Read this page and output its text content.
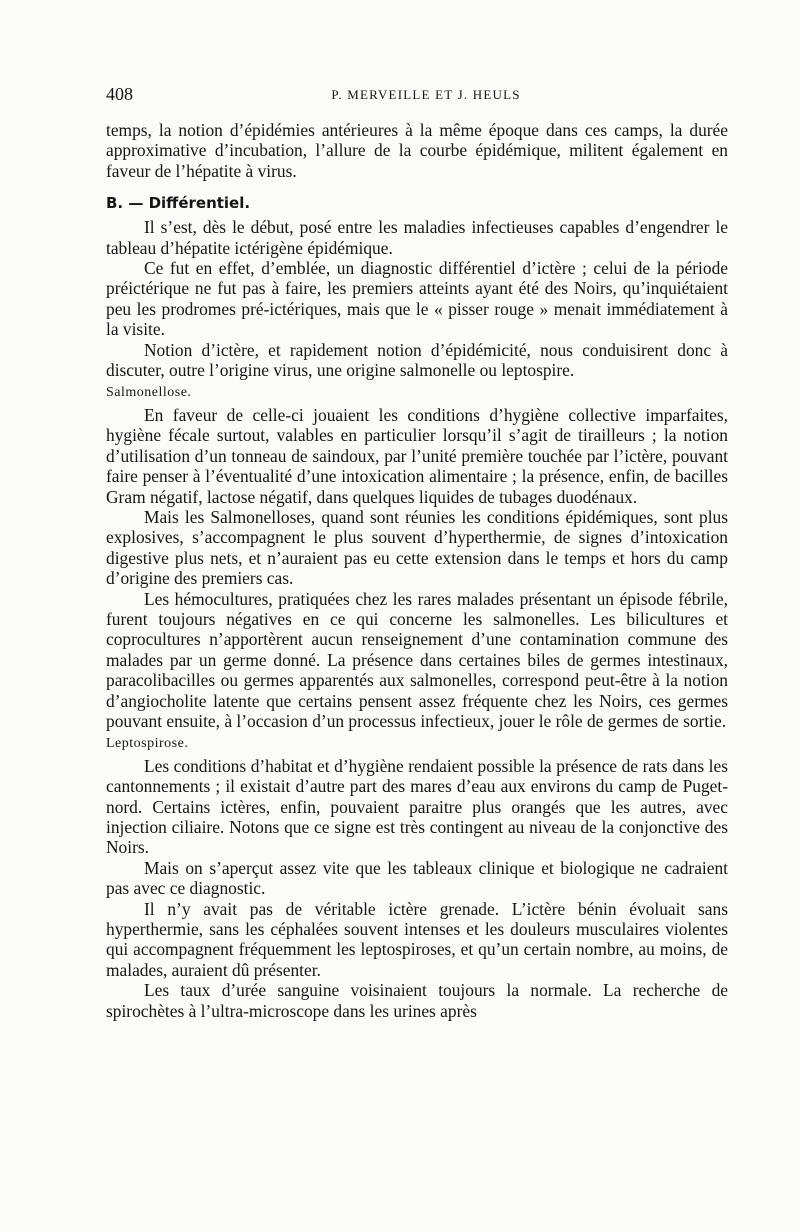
408	P. MERVEILLE ET J. HEULS

temps, la notion d’épidémies antérieures à la même époque dans ces camps, la durée approximative d’incubation, l’allure de la courbe épidémique, militent également en faveur de l’hépatite à virus.

B. — Différentiel.

Il s’est, dès le début, posé entre les maladies infectieuses capables d’engendrer le tableau d’hépatite ictérigène épidémique.

Ce fut en effet, d’emblée, un diagnostic différentiel d’ictère ; celui de la période préictérique ne fut pas à faire, les premiers atteints ayant été des Noirs, qu’inquiétaient peu les prodromes pré-ictériques, mais que le « pisser rouge » menait immédiatement à la visite.

Notion d’ictère, et rapidement notion d’épidémicité, nous conduisirent donc à discuter, outre l’origine virus, une origine salmonelle ou leptospire.

Salmonellose.

En faveur de celle-ci jouaient les conditions d’hygiène collective imparfaites, hygiène fécale surtout, valables en particulier lorsqu’il s’agit de tirailleurs ; la notion d’utilisation d’un tonneau de saindoux, par l’unité première touchée par l’ictère, pouvant faire penser à l’éventualité d’une intoxication alimentaire ; la présence, enfin, de bacilles Gram négatif, lactose négatif, dans quelques liquides de tubages duodénaux.

Mais les Salmonelloses, quand sont réunies les conditions épidémiques, sont plus explosives, s’accompagnent le plus souvent d’hyperthermie, de signes d’intoxication digestive plus nets, et n’auraient pas eu cette extension dans le temps et hors du camp d’origine des premiers cas.

Les hémocultures, pratiquées chez les rares malades présentant un épisode fébrile, furent toujours négatives en ce qui concerne les salmonelles. Les bilicultures et coprocultures n’apportèrent aucun renseignement d’une contamination commune des malades par un germe donné. La présence dans certaines biles de germes intestinaux, paracolibacilles ou germes apparentés aux salmonelles, correspond peut-être à la notion d’angiocholite latente que certains pensent assez fréquente chez les Noirs, ces germes pouvant ensuite, à l’occasion d’un processus infectieux, jouer le rôle de germes de sortie.

Leptospirose.

Les conditions d’habitat et d’hygiène rendaient possible la présence de rats dans les cantonnements ; il existait d’autre part des mares d’eau aux environs du camp de Puget-nord. Certains ictères, enfin, pouvaient paraitre plus orangés que les autres, avec injection ciliaire. Notons que ce signe est très contingent au niveau de la conjonctive des Noirs.

Mais on s’aperçut assez vite que les tableaux clinique et biologique ne cadraient pas avec ce diagnostic.

Il n’y avait pas de véritable ictère grenade. L’ictère bénin évoluait sans hyperthermie, sans les céphalées souvent intenses et les douleurs musculaires violentes qui accompagnent fréquemment les leptospiroses, et qu’un certain nombre, au moins, de malades, auraient dû présenter.

Les taux d’urée sanguine voisinaient toujours la normale. La recherche de spirochètes à l’ultra-microscope dans les urines après
